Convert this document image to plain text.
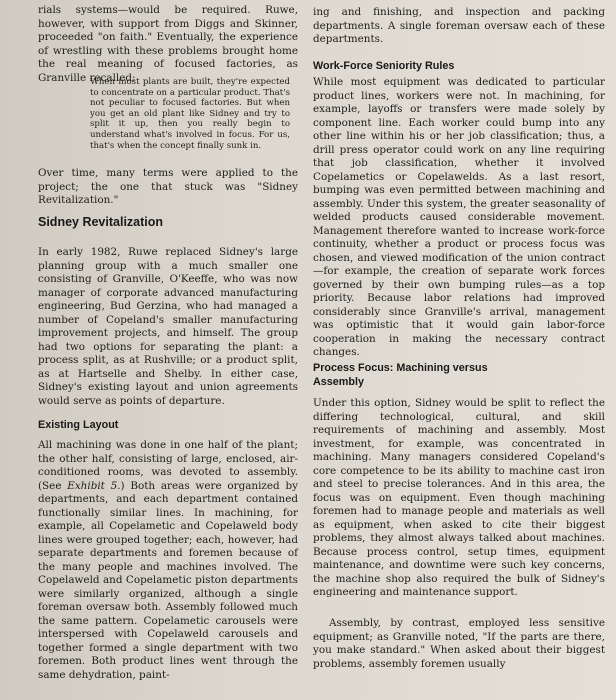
rials systems—would be required. Ruwe, however, with support from Diggs and Skinner, proceeded "on faith." Eventually, the experience of wrestling with these problems brought home the real meaning of focused factories, as Granville recalled:

When most plants are built, they're expected to concentrate on a particular product. That's not peculiar to focused factories. But when you get an old plant like Sidney and try to split it up, then you really begin to understand what's involved in focus. For us, that's when the concept finally sunk in.

Over time, many terms were applied to the project; the one that stuck was "Sidney Revitalization."

Sidney Revitalization

In early 1982, Ruwe replaced Sidney's large planning group with a much smaller one consisting of Granville, O'Keeffe, who was now manager of corporate advanced manufacturing engineering, Bud Gerzina, who had managed a number of Copeland's smaller manufacturing improvement projects, and himself. The group had two options for separating the plant: a process split, as at Rushville; or a product split, as at Hartselle and Shelby. In either case, Sidney's existing layout and union agreements would serve as points of departure.

Existing Layout

All machining was done in one half of the plant; the other half, consisting of large, enclosed, air-conditioned rooms, was devoted to assembly. (See Exhibit 5.) Both areas were organized by departments, and each department contained functionally similar lines. In machining, for example, all Copelametic and Copelaweld body lines were grouped together; each, however, had separate departments and foremen because of the many people and machines involved. The Copelaweld and Copelametic piston departments were similarly organized, although a single foreman oversaw both. Assembly followed much the same pattern. Copelametic carousels were interspersed with Copelaweld carousels and together formed a single department with two foremen. Both product lines went through the same dehydration, paint-

ing and finishing, and inspection and packing departments. A single foreman oversaw each of these departments.

Work-Force Seniority Rules

While most equipment was dedicated to particular product lines, workers were not. In machining, for example, layoffs or transfers were made solely by component line. Each worker could bump into any other line within his or her job classification; thus, a drill press operator could work on any line requiring that job classification, whether it involved Copelametics or Copelawelds. As a last resort, bumping was even permitted between machining and assembly. Under this system, the greater seasonality of welded products caused considerable movement. Management therefore wanted to increase work-force continuity, whether a product or process focus was chosen, and viewed modification of the union contract—for example, the creation of separate work forces governed by their own bumping rules—as a top priority. Because labor relations had improved considerably since Granville's arrival, management was optimistic that it would gain labor-force cooperation in making the necessary contract changes.

Process Focus: Machining versus Assembly

Under this option, Sidney would be split to reflect the differing technological, cultural, and skill requirements of machining and assembly. Most investment, for example, was concentrated in machining. Many managers considered Copeland's core competence to be its ability to machine cast iron and steel to precise tolerances. And in this area, the focus was on equipment. Even though machining foremen had to manage people and materials as well as equipment, when asked to cite their biggest problems, they almost always talked about machines. Because process control, setup times, equipment maintenance, and downtime were such key concerns, the machine shop also required the bulk of Sidney's engineering and maintenance support.

Assembly, by contrast, employed less sensitive equipment; as Granville noted, "If the parts are there, you make standard." When asked about their biggest problems, assembly foremen usually
